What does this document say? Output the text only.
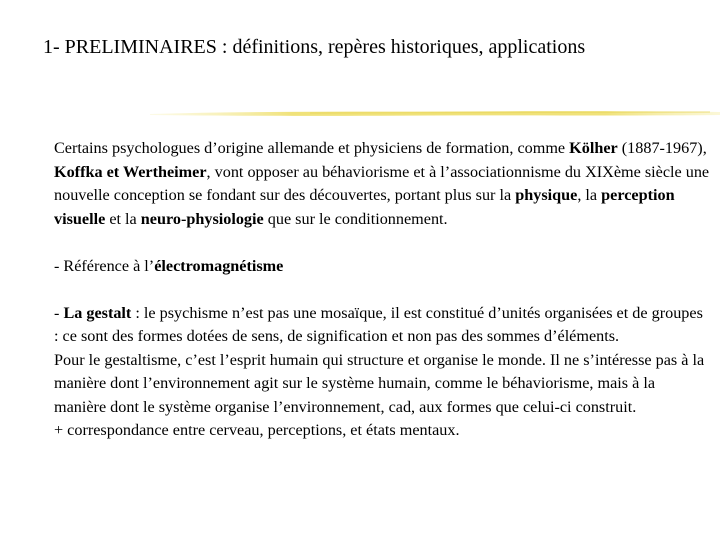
1- PRELIMINAIRES : définitions, repères historiques, applications

Certains psychologues d’origine allemande et physiciens de formation, comme Kölher (1887-1967), Koffka et Wertheimer, vont opposer au béhaviorisme et à l’associationnisme du XIXème siècle une nouvelle conception se fondant sur des découvertes, portant plus sur la physique, la perception visuelle et la neuro-physiologie que sur le conditionnement.

- Référence à l’électromagnétisme

- La gestalt : le psychisme n’est pas une mosaïque, il est constitué d’unités organisées et de groupes : ce sont des formes dotées de sens, de signification et non pas des sommes d’éléments.

Pour le gestaltisme, c’est l’esprit humain qui structure et organise le monde. Il ne s’intéresse pas à la manière dont l’environnement agit sur le système humain, comme le béhaviorisme, mais à la manière dont le système organise l’environnement, cad, aux formes que celui-ci construit.

+ correspondance entre cerveau, perceptions, et états mentaux.
